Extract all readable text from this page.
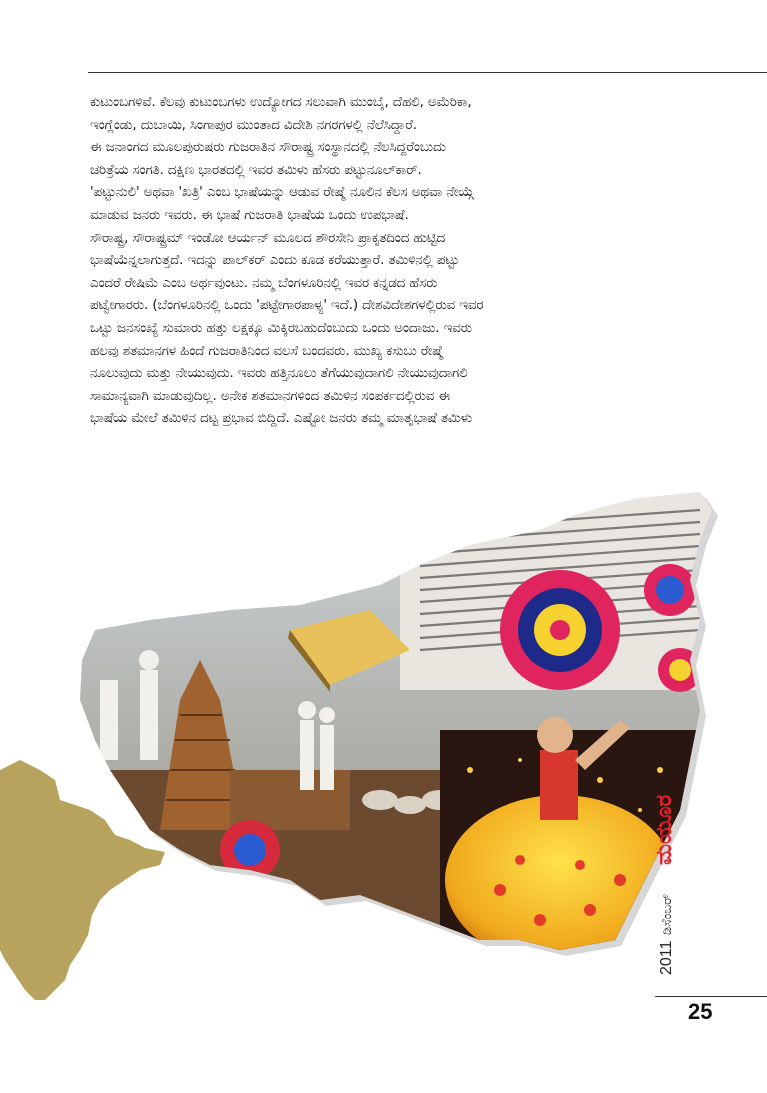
ಕುಟುಂಬಗಳಿವೆ. ಕೆಲವು ಕುಟುಂಬಗಳು ಉದ್ಯೋಗದ ಸಲುವಾಗಿ ಮುಂಬೈ, ದೆಹಲಿ, ಅಮೆರಿಕಾ,

ಇಂಗ್ಲೆಂಡು, ದುಬಾಯಿ, ಸಿಂಗಾಪುರ ಮುಂತಾದ ವಿದೇಶಿ ನಗರಗಳಲ್ಲಿ ನೆಲೆಸಿದ್ದಾರೆ.

ಈ ಜನಾಂಗದ ಮೂಲಪುರುಷರು ಗುಜರಾತಿನ ಸೌರಾಷ್ಟ್ರ ಸಂಸ್ಥಾನದಲ್ಲಿ ನೆಲಸಿದ್ದರೆಂಬುದು

ಚರಿತ್ರೆಯ ಸಂಗತಿ. ದಕ್ಷಿಣ ಭಾರತದಲ್ಲಿ ಇವರ ತಮಿಳು ಹೆಸರು ಪಟ್ಟುನೂಲ್‌ಕಾರ್.

'ಪಟ್ಟುನುಲಿ' ಅಥವಾ 'ಖತ್ರಿ' ಎಂಬ ಭಾಷೆಯನ್ನು ಆಡುವ ರೇಷ್ಮೆ ನೂಲಿನ ಕೆಲಸ ಅಥವಾ ನೇಯ್ಗೆ

ಮಾಡುವ ಜನರು ಇವರು. ಈ ಭಾಷೆ ಗುಜರಾತಿ ಭಾಷೆಯ ಒಂದು ಉಪಭಾಷೆ.

ಸೌರಾಷ್ಟ್ರ, ಸೌರಾಷ್ಟ್ರಮ್ ಇಂಡೋ ಆರ್ಯನ್ ಮೂಲದ ಶೌರಸೇನಿ ಪ್ರಾಕೃತದಿಂದ ಹುಟ್ಟಿದ

ಭಾಷೆಯೆನ್ನಲಾಗುತ್ತದೆ. ಇದನ್ನು ಪಾಲ್‌ಕರ್ ಎಂದು ಕೂಡ ಕರೆಯುತ್ತಾರೆ. ತಮಿಳಿನಲ್ಲಿ ಪಟ್ಟು

ಎಂದರೆ ರೇಷಿಮೆ ಎಂಬ ಅರ್ಥವುಂಟು. ನಮ್ಮ ಬೆಂಗಳೂರಿನಲ್ಲಿ ಇವರ ಕನ್ನಡದ ಹೆಸರು

ಪಟ್ವೇಗಾರರು. (ಬೆಂಗಳೂರಿನಲ್ಲಿ ಒಂದು 'ಪಟ್ಟೇಗಾರಪಾಳ್ಯ' ಇದೆ.) ದೇಶವಿದೇಶಗಳಲ್ಲಿರುವ ಇವರ

ಒಟ್ಟು ಜನಸಂಖ್ಯೆ ಸುಮಾರು ಹತ್ತು ಲಕ್ಷಕ್ಕೂ ಮಿಕ್ಕಿರಬಹುದೆಂಬುದು ಒಂದು ಅಂದಾಜು. ಇವರು

ಹಲವು ಶತಮಾನಗಳ ಹಿಂದೆ ಗುಜರಾತಿನಿಂದ ವಲಸೆ ಬಂದವರು. ಮುಖ್ಯ ಕಸುಬು ರೇಷ್ಮೆ

ನೂಲುವುದು ಮತ್ತು ನೇಯುವುದು. ಇವರು ಹತ್ತಿನೂಲು ತೆಗೆಯುವುದಾಗಲಿ ನೇಯುವುದಾಗಲಿ

ಸಾಮಾನ್ಯವಾಗಿ ಮಾಡುವುದಿಲ್ಲ. ಅನೇಕ ಶತಮಾನಗಳಿಂದ ತಮಿಳಿನ ಸಂಪರ್ಕದಲ್ಲಿರುವ ಈ

ಭಾಷೆಯ ಮೇಲೆ ತಮಿಳಿನ ದಟ್ಟ ಪ್ರಭಾವ ಬಿದ್ದಿದೆ. ಎಷ್ಟೋ ಜನರು ತಮ್ಮ ಮಾತೃಭಾಷೆ ತಮಿಳು

2011
ಡಿಸೆಂಬರ್
ಮಯೂರ
25
